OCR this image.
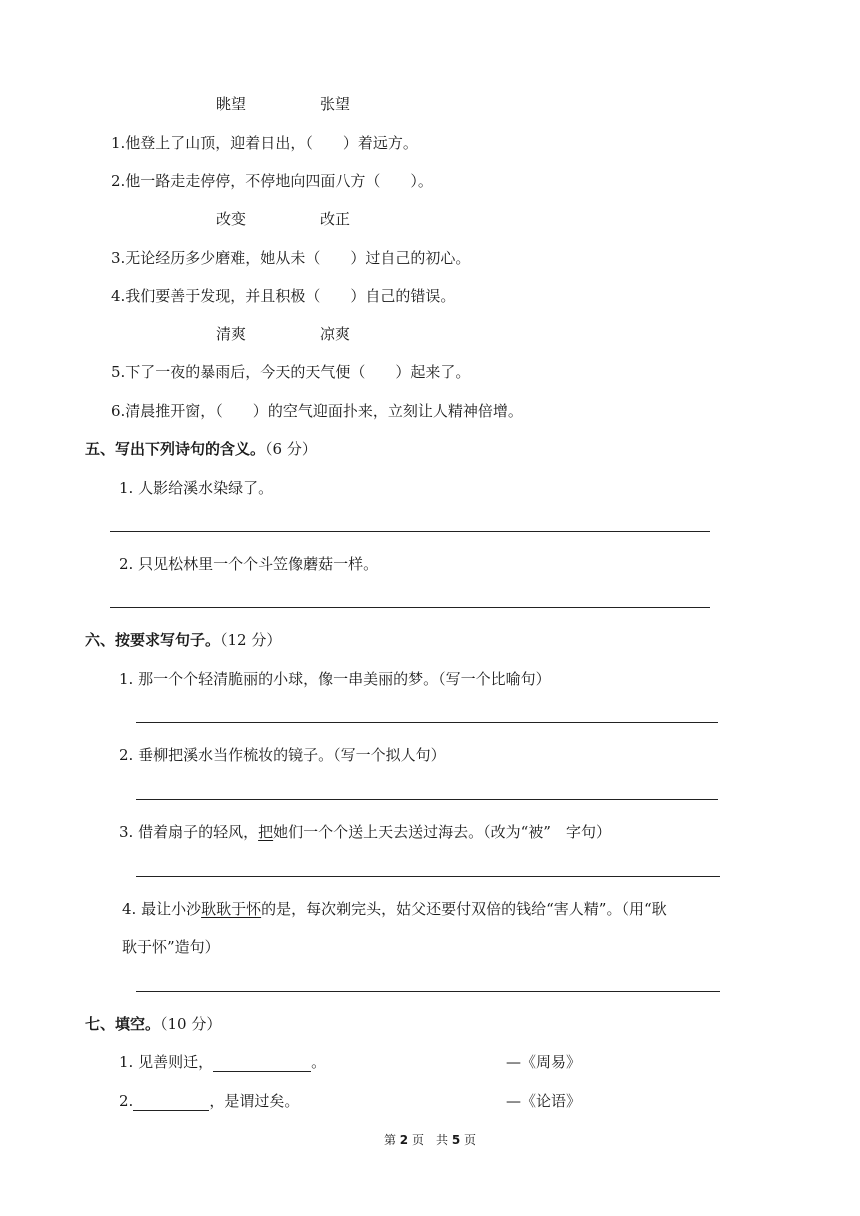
眺望	张望
1.他登上了山顶，迎着日出，（　　）着远方。
2.他一路走走停停，不停地向四面八方（　　）。
改变	改正
3.无论经历多少磨难，她从未（　　）过自己的初心。
4.我们要善于发现，并且积极（　　）自己的错误。
清爽	凉爽
5.下了一夜的暴雨后，今天的天气便（　　）起来了。
6.清晨推开窗，（　　）的空气迎面扑来，立刻让人精神倍增。
五、写出下列诗句的含义。（6 分）
1. 人影给溪水染绿了。
2. 只见松林里一个个斗笠像蘑菇一样。
六、按要求写句子。（12 分）
1. 那一个个轻清脆丽的小球，像一串美丽的梦。（写一个比喻句）
2. 垂柳把溪水当作梳妆的镜子。（写一个拟人句）
3. 借着扇子的轻风，把她们一个个送上天去送过海去。（改为“被”　字句）
4. 最让小沙耿耿于怀的是，每次剃完头，姑父还要付双倍的钱给“害人精”。（用“耿
耿于怀”造句）
七、填空。（10 分）
1. 见善则迁，	。	—《周易》
2.	，是谓过矣。	—《论语》
第 2 页　共 5 页
